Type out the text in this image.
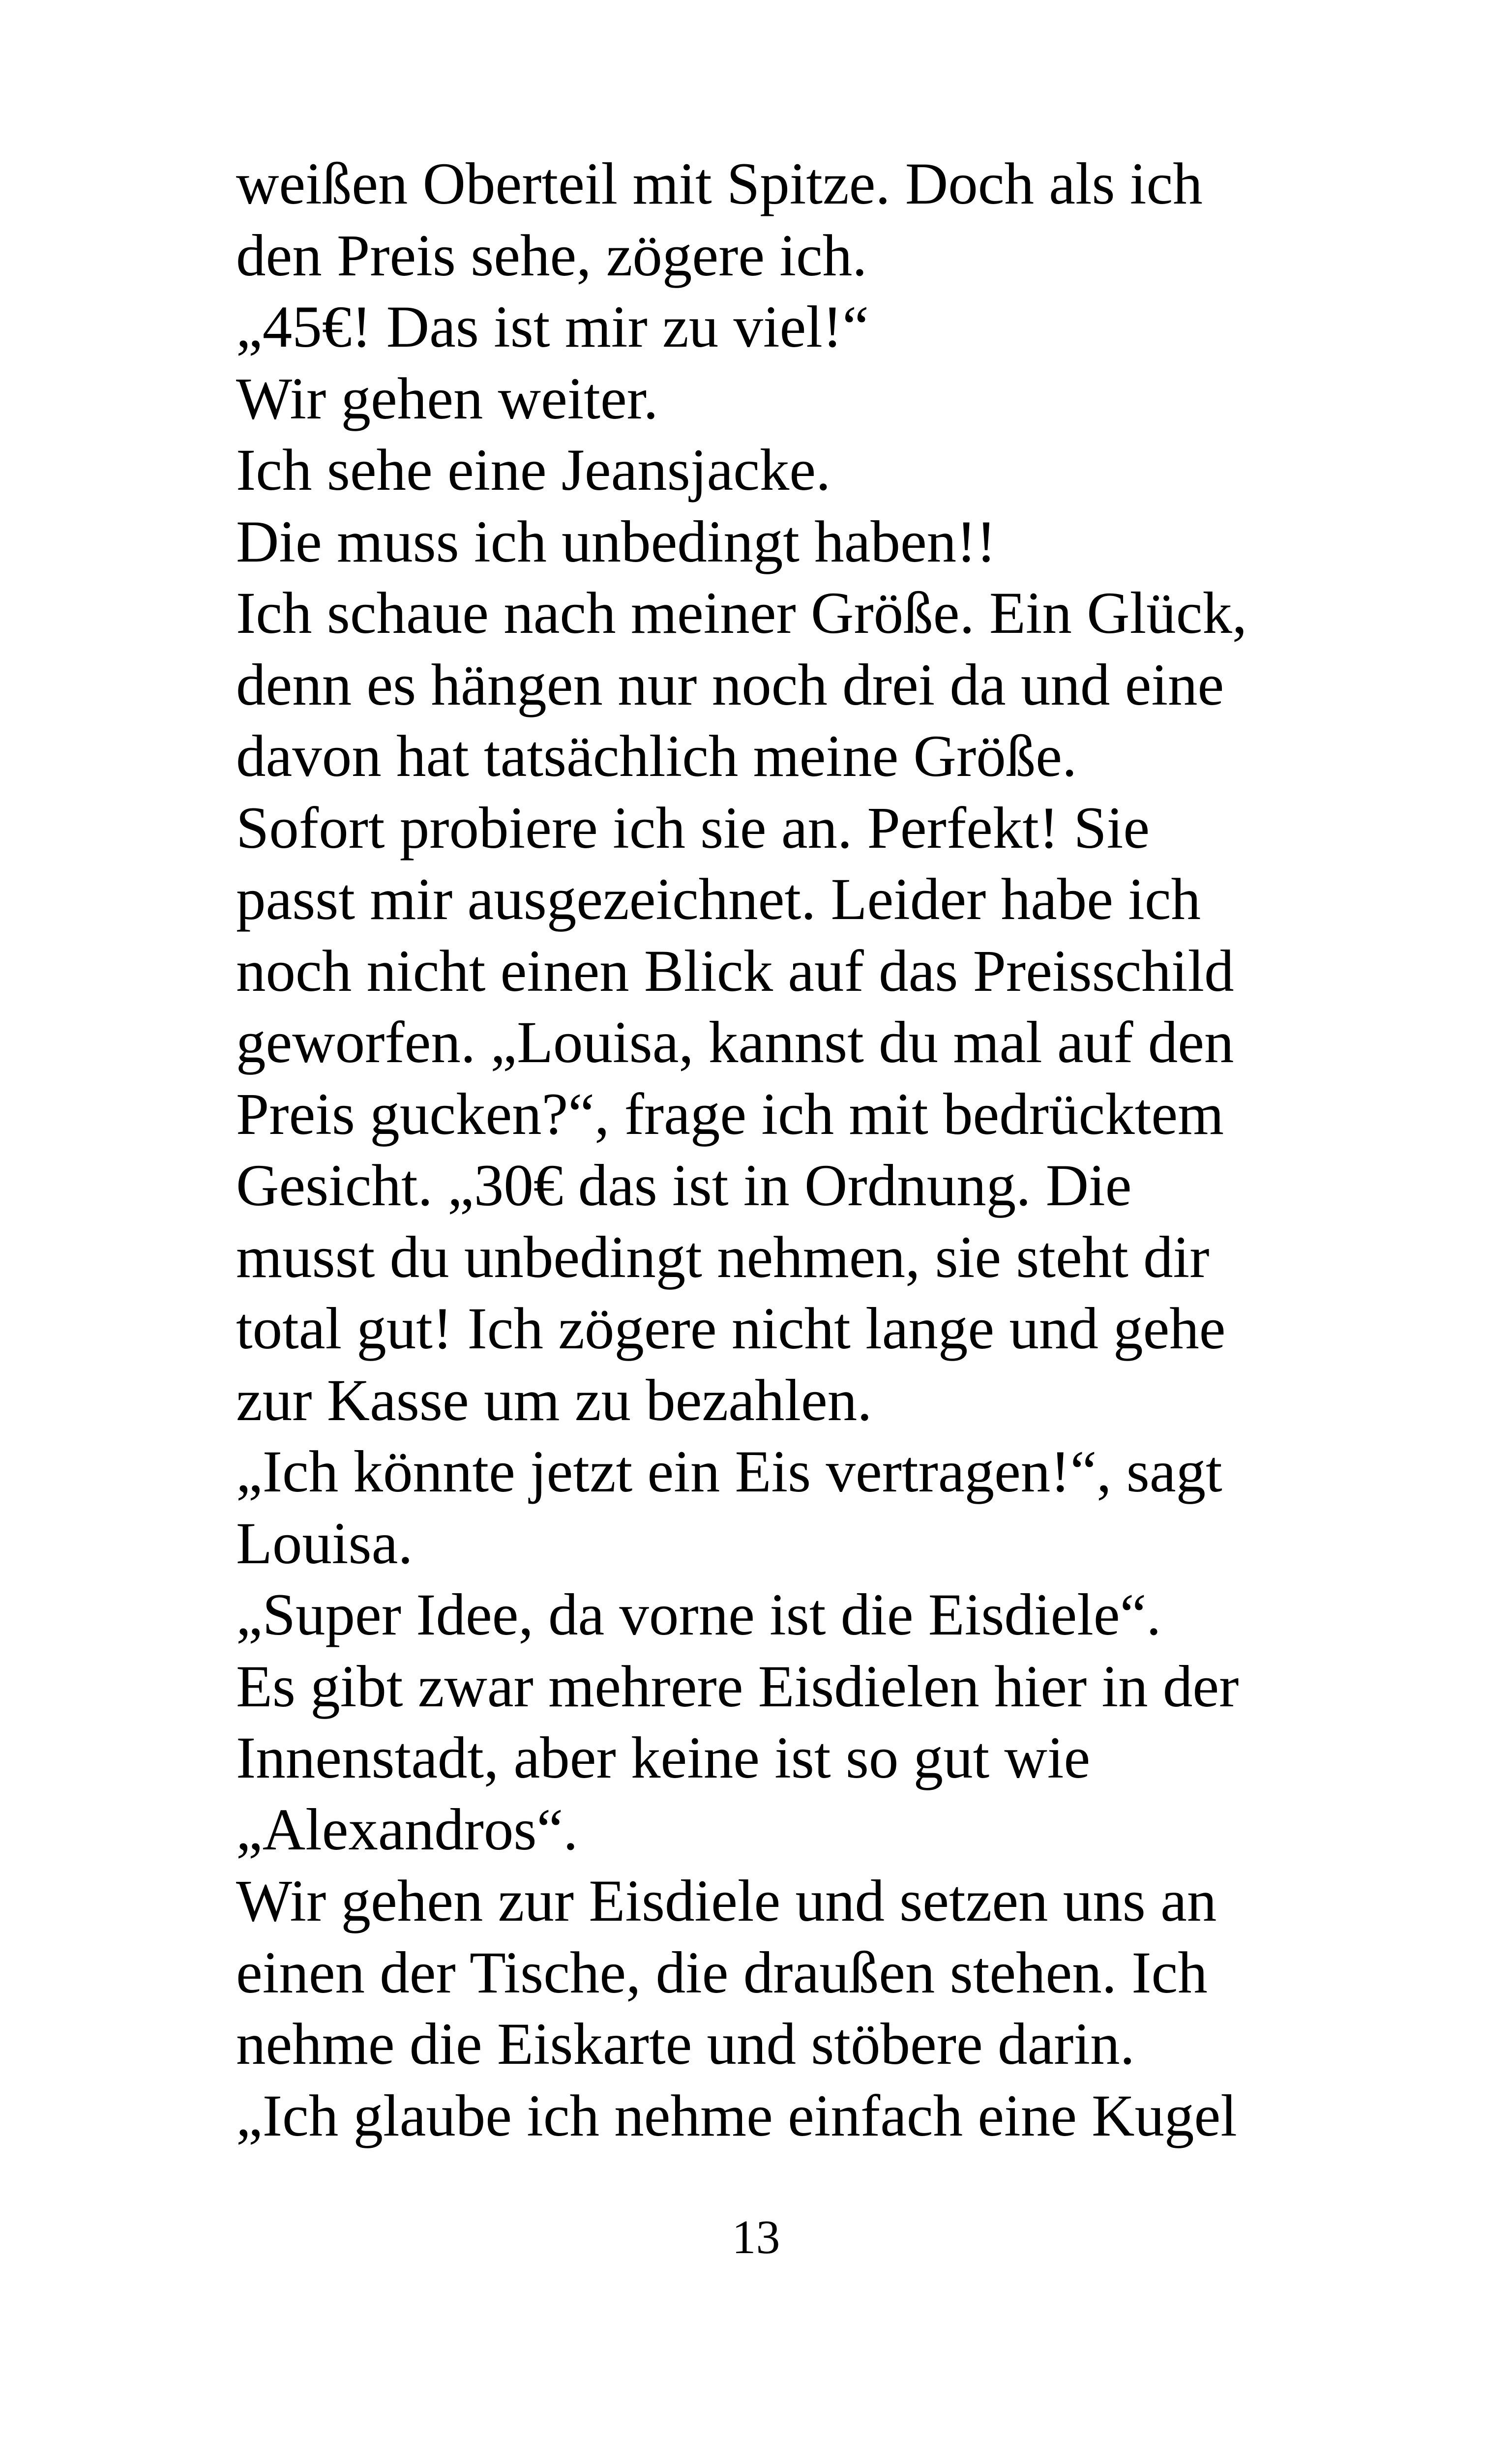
weißen Oberteil mit Spitze. Doch als ich
den Preis sehe, zögere ich.
„45€! Das ist mir zu viel!“
Wir gehen weiter.
Ich sehe eine Jeansjacke.
Die muss ich unbedingt haben!!
Ich schaue nach meiner Größe. Ein Glück,
denn es hängen nur noch drei da und eine
davon hat tatsächlich meine Größe.
Sofort probiere ich sie an. Perfekt! Sie
passt mir ausgezeichnet. Leider habe ich
noch nicht einen Blick auf das Preisschild
geworfen. „Louisa, kannst du mal auf den
Preis gucken?“, frage ich mit bedrücktem
Gesicht. „30€ das ist in Ordnung. Die
musst du unbedingt nehmen, sie steht dir
total gut! Ich zögere nicht lange und gehe
zur Kasse um zu bezahlen.
„Ich könnte jetzt ein Eis vertragen!“, sagt
Louisa.
„Super Idee, da vorne ist die Eisdiele“.
Es gibt zwar mehrere Eisdielen hier in der
Innenstadt, aber keine ist so gut wie
„Alexandros“.
Wir gehen zur Eisdiele und setzen uns an
einen der Tische, die draußen stehen. Ich
nehme die Eiskarte und stöbere darin.
„Ich glaube ich nehme einfach eine Kugel
13
